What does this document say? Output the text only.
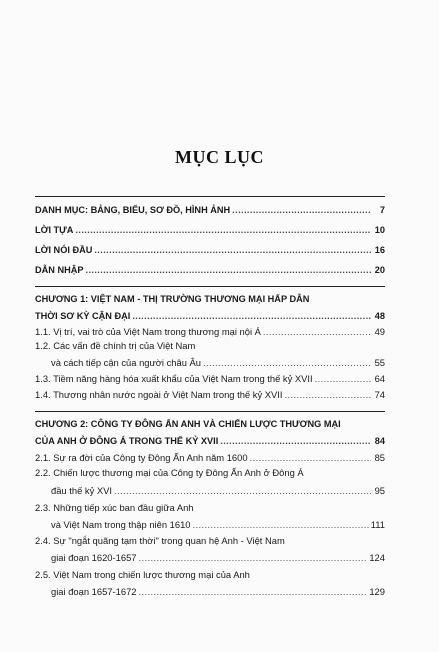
MỤC LỤC
DANH MỤC: BẢNG, BIỂU, SƠ ĐỒ, HÌNH ẢNH .....	7
LỜI TỰA .....	10
LỜI NÓI ĐẦU .....	16
DẪN NHẬP .....	20
CHƯƠNG 1: VIỆT NAM - THỊ TRƯỜNG THƯƠNG MẠI HẤP DẪN
THỜI SƠ KỲ CẬN ĐẠI .....	48
1.1. Vị trí, vai trò của Việt Nam trong thương mại nội Á .....	49
1.2. Các vấn đề chính trị của Việt Nam
và cách tiếp cận của người châu Âu .....	55
1.3. Tiềm năng hàng hóa xuất khẩu của Việt Nam trong thế kỷ XVII .....	64
1.4. Thương nhân nước ngoài ở Việt Nam trong thế kỷ XVII .....	74
CHƯƠNG 2: CÔNG TY ĐÔNG ẤN ANH VÀ CHIẾN LƯỢC THƯƠNG MẠI
CỦA ANH Ở ĐÔNG Á TRONG THẾ KỶ XVII .....	84
2.1. Sự ra đời của Công ty Đông Ấn Anh năm 1600 .....	85
2.2. Chiến lược thương mại của Công ty Đông Ấn Anh ở Đông Á
đầu thế kỷ XVI .....	95
2.3. Những tiếp xúc ban đầu giữa Anh
và Việt Nam trong thập niên 1610 .....	111
2.4. Sự "ngắt quãng tạm thời" trong quan hệ Anh - Việt Nam
giai đoạn 1620-1657 .....	124
2.5. Việt Nam trong chiến lược thương mại của Anh
giai đoạn 1657-1672 .....	129
